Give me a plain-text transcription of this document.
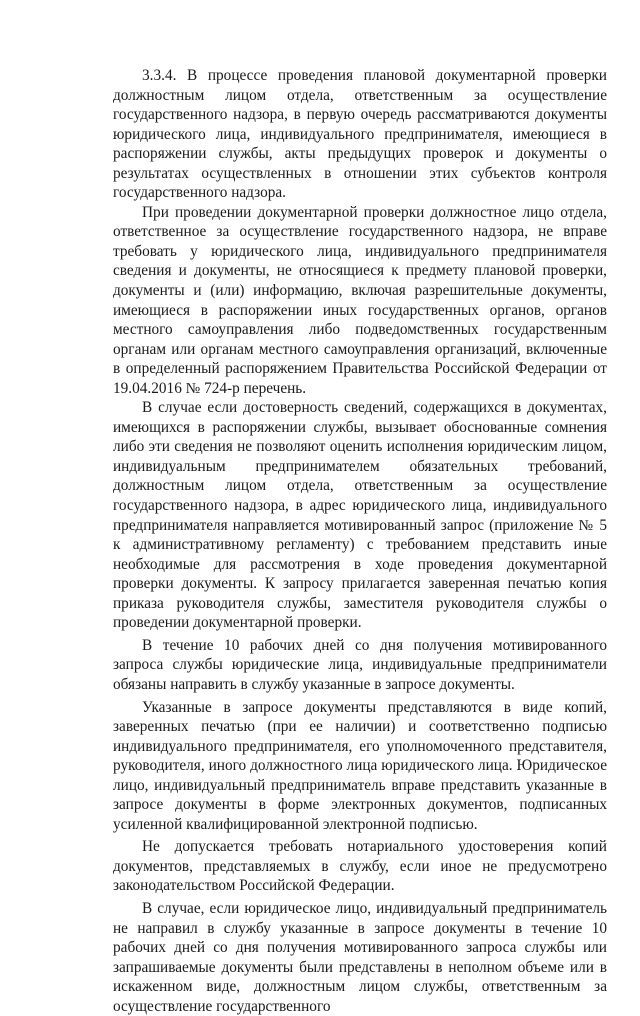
3.3.4. В процессе проведения плановой документарной проверки должностным лицом отдела, ответственным за осуществление государственного надзора, в первую очередь рассматриваются документы юридического лица, индивидуального предпринимателя, имеющиеся в распоряжении службы, акты предыдущих проверок и документы о результатах осуществленных в отношении этих субъектов контроля государственного надзора.

При проведении документарной проверки должностное лицо отдела, ответственное за осуществление государственного надзора, не вправе требовать у юридического лица, индивидуального предпринимателя сведения и документы, не относящиеся к предмету плановой проверки, документы и (или) информацию, включая разрешительные документы, имеющиеся в распоряжении иных государственных органов, органов местного самоуправления либо подведомственных государственным органам или органам местного самоуправления организаций, включенные в определенный распоряжением Правительства Российской Федерации от 19.04.2016 № 724-р перечень.

В случае если достоверность сведений, содержащихся в документах, имеющихся в распоряжении службы, вызывает обоснованные сомнения либо эти сведения не позволяют оценить исполнения юридическим лицом, индивидуальным предпринимателем обязательных требований, должностным лицом отдела, ответственным за осуществление государственного надзора, в адрес юридического лица, индивидуального предпринимателя направляется мотивированный запрос (приложение № 5 к административному регламенту) с требованием представить иные необходимые для рассмотрения в ходе проведения документарной проверки документы. К запросу прилагается заверенная печатью копия приказа руководителя службы, заместителя руководителя службы о проведении документарной проверки.

В течение 10 рабочих дней со дня получения мотивированного запроса службы юридические лица, индивидуальные предприниматели обязаны направить в службу указанные в запросе документы.

Указанные в запросе документы представляются в виде копий, заверенных печатью (при ее наличии) и соответственно подписью индивидуального предпринимателя, его уполномоченного представителя, руководителя, иного должностного лица юридического лица. Юридическое лицо, индивидуальный предприниматель вправе представить указанные в запросе документы в форме электронных документов, подписанных усиленной квалифицированной электронной подписью.

Не допускается требовать нотариального удостоверения копий документов, представляемых в службу, если иное не предусмотрено законодательством Российской Федерации.

В случае, если юридическое лицо, индивидуальный предприниматель не направил в службу указанные в запросе документы в течение 10 рабочих дней со дня получения мотивированного запроса службы или запрашиваемые документы были представлены в неполном объеме или в искаженном виде, должностным лицом службы, ответственным за осуществление государственного
